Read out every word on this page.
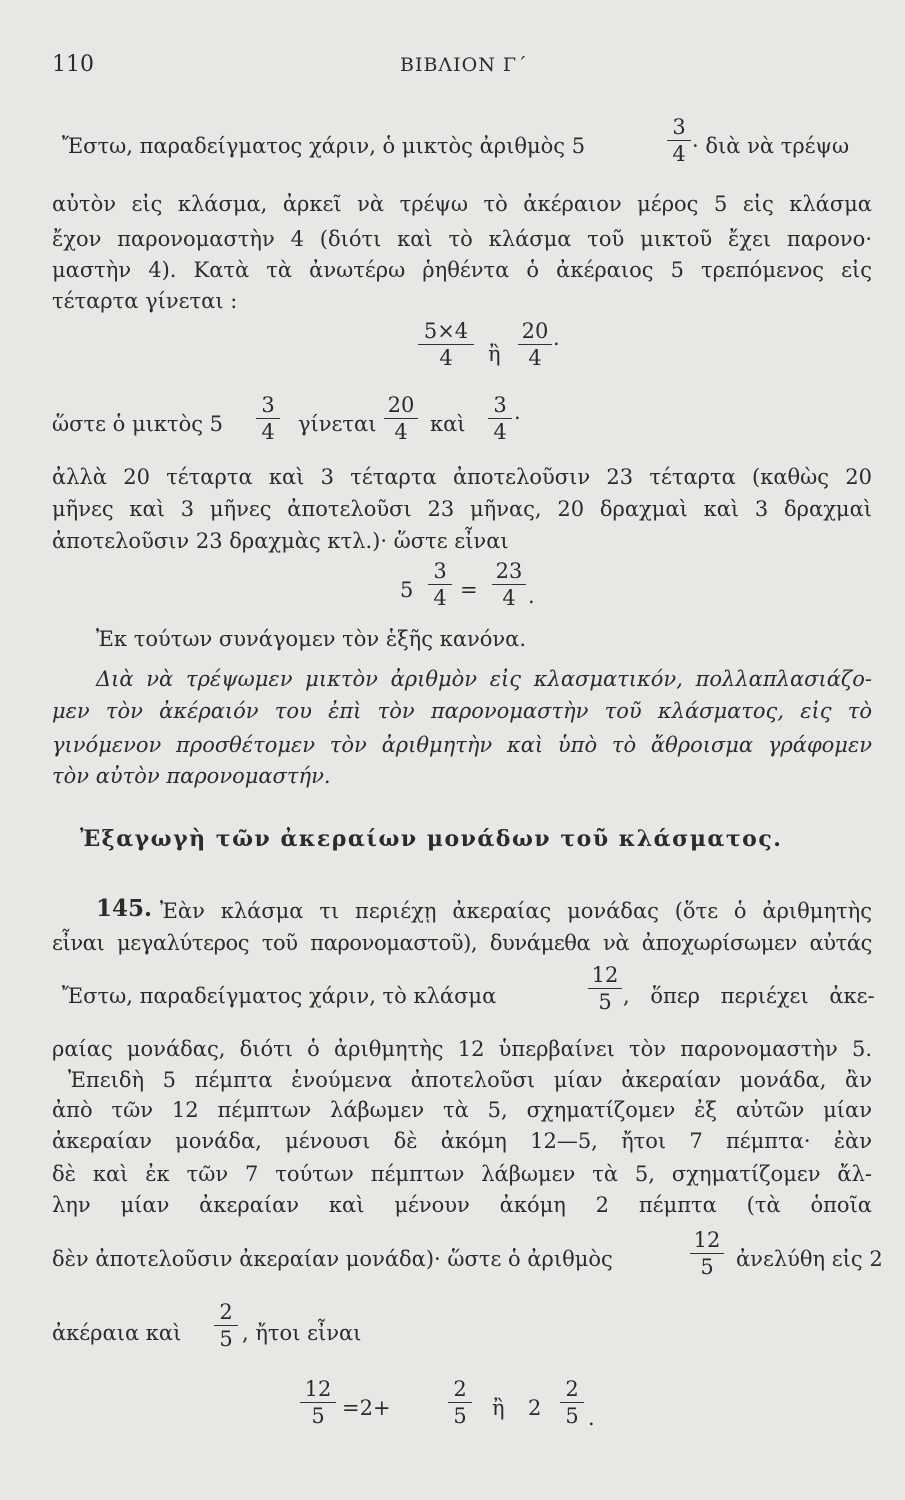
110	ΒΙΒΛΙΟΝ Γ΄
Ἔστω, παραδείγματος χάριν, ὁ μικτὸς ἀριθμὸς 5
3
4 · διὰ νὰ τρέψω
αὐτὸν εἰς κλάσμα, ἀρκεῖ νὰ τρέψω τὸ ἀκέραιον μέρος 5 εἰς κλάσμα
ἔχον παρονομαστὴν 4 (διότι καὶ τὸ κλάσμα τοῦ μικτοῦ ἔχει παρονο·
μαστὴν 4). Κατὰ τὰ ἀνωτέρω ῥηθέντα ὁ ἀκέραιος 5 τρεπόμενος εἰς
τέταρτα γίνεται :
5×4
4	ἢ
20
4
.
ὥστε ὁ μικτὸς 5
3
4 γίνεται
20
4	καὶ
3
4
.
ἀλλὰ 20 τέταρτα καὶ 3 τέταρτα ἀποτελοῦσιν 23 τέταρτα (καθὼς 20
μῆνες καὶ 3 μῆνες ἀποτελοῦσι 23 μῆνας, 20 δραχμαὶ καὶ 3 δραχμαὶ
ἀποτελοῦσιν 23 δραχμὰς κτλ.)· ὥστε εἶναι
5
3
4 =
23
4 .
Ἐκ τούτων συνάγομεν τὸν ἑξῆς κανόνα.
Διὰ νὰ τρέψωμεν μικτὸν ἀριθμὸν εἰς κλασματικόν, πολλαπλασιάζο-
μεν τὸν ἀκέραιόν του ἐπὶ τὸν παρονομαστὴν τοῦ κλάσματος, εἰς τὸ
γινόμενον προσθέτομεν τὸν ἀριθμητὴν καὶ ὑπὸ τὸ ἄθροισμα γράφομεν
τὸν αὐτὸν παρονομαστήν.
Ἐξαγωγὴ τῶν ἀκεραίων μονάδων τοῦ κλάσματος.
145. Ἐὰν κλάσμα τι περιέχῃ ἀκεραίας μονάδας (ὅτε ὁ ἀριθμητὴς
εἶναι μεγαλύτερος τοῦ παρονομαστοῦ), δυνάμεθα νὰ ἀποχωρίσωμεν αὐτάς
Ἔστω, παραδείγματος χάριν, τὸ κλάσμα
12
5 , ὅπερ περιέχει ἀκε-
ραίας μονάδας, διότι ὁ ἀριθμητὴς 12 ὑπερβαίνει τὸν παρονομαστὴν 5.
Ἐπειδὴ 5 πέμπτα ἑνούμενα ἀποτελοῦσι μίαν ἀκεραίαν μονάδα, ἂν
ἀπὸ τῶν 12 πέμπτων λάβωμεν τὰ 5, σχηματίζομεν ἐξ αὐτῶν μίαν
ἀκεραίαν μονάδα, μένουσι δὲ ἀκόμη 12—5, ἤτοι 7 πέμπτα· ἐὰν
δὲ καὶ ἐκ τῶν 7 τούτων πέμπτων λάβωμεν τὰ 5, σχηματίζομεν ἄλ-
λην μίαν ἀκεραίαν καὶ μένουν ἀκόμη 2 πέμπτα (τὰ ὁποῖα
δὲν ἀποτελοῦσιν ἀκεραίαν μονάδα)· ὥστε ὁ ἀριθμὸς
12
5	ἀνελύθη εἰς 2
ἀκέραια καὶ
2
5 , ἤτοι εἶναι
12
5 =2+
2
5 ἢ 2
2
5 .
